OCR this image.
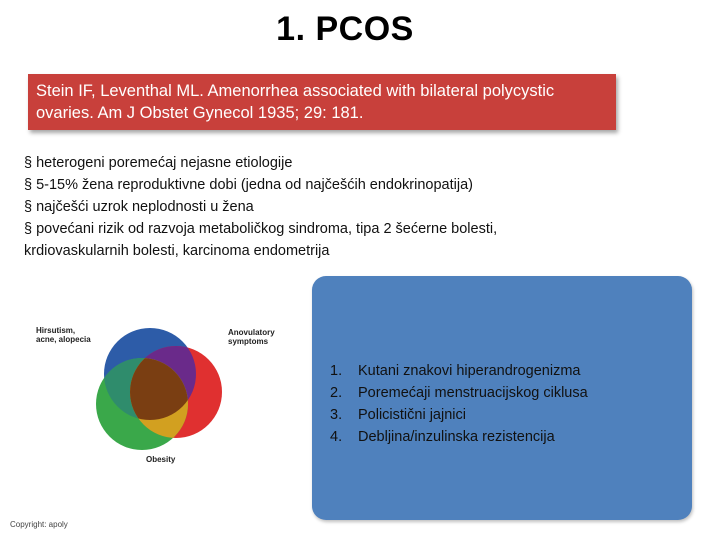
1. PCOS
Stein IF, Leventhal ML. Amenorrhea associated with bilateral polycystic
ovaries. Am J Obstet Gynecol 1935; 29: 181.
§ heterogeni poremećaj nejasne etiologije
§ 5-15% žena reproduktivne dobi (jedna od najčešćih endokrinopatija)
§ najčešći uzrok neplodnosti u žena
§ povećani rizik od razvoja metaboličkog sindroma, tipa 2 šećerne bolesti,
krdiovaskularnih bolesti, karcinoma endometrija
Hirsutism,
acne, alopecia
Anovulatory
symptoms
Obesity
Copyright: apoly
1. Kutani znakovi hiperandrogenizma
2. Poremećaji menstruacijskog ciklusa
3. Policistični jajnici
4. Debljina/inzulinska rezistencija
